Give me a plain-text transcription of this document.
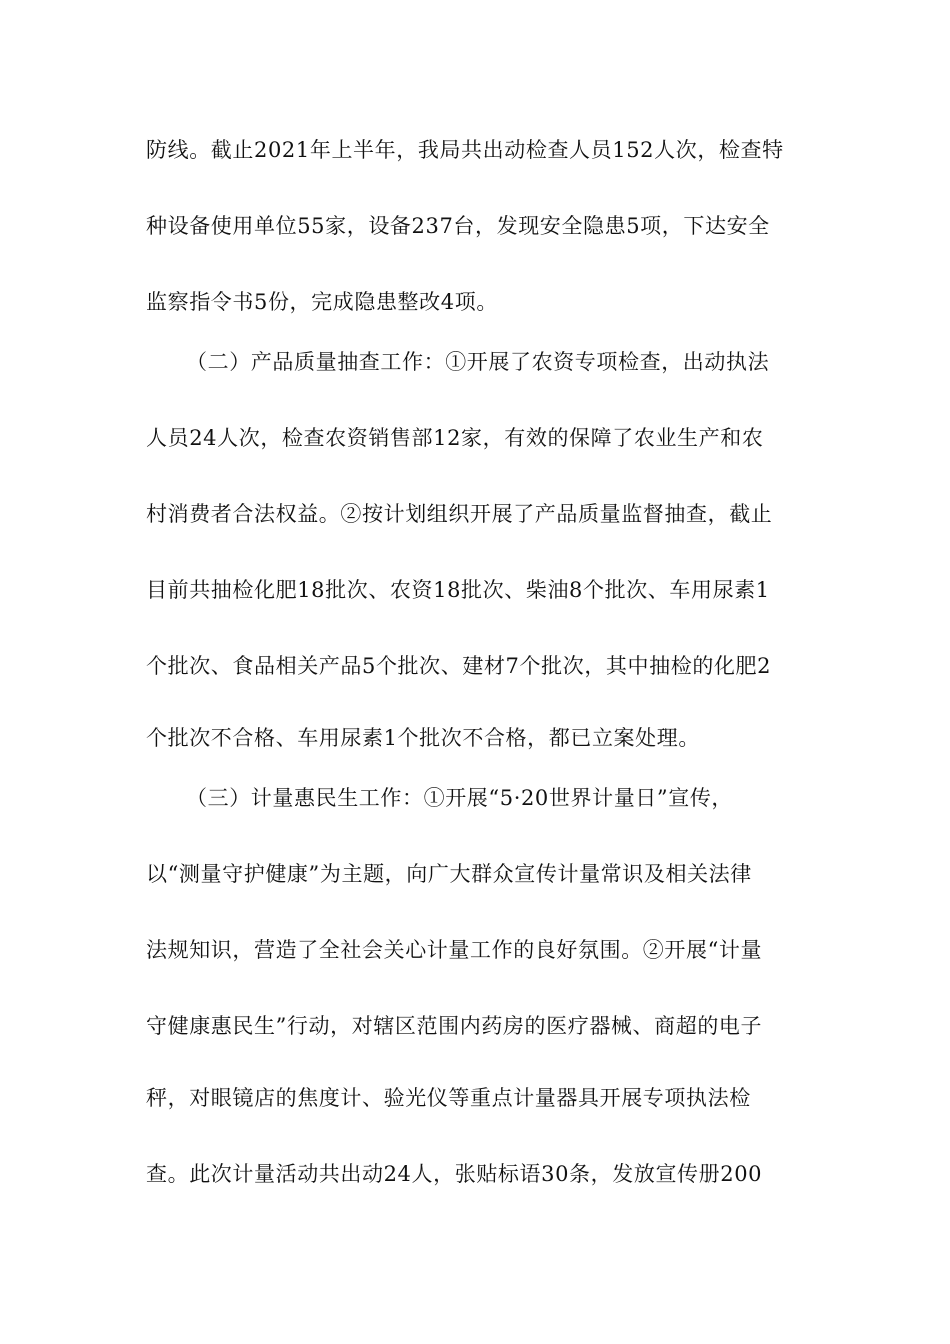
防线。截止2021年上半年，我局共出动检查人员152人次，检查特
种设备使用单位55家，设备237台，发现安全隐患5项，下达安全
监察指令书5份，完成隐患整改4项。
（二）产品质量抽查工作：①开展了农资专项检查，出动执法
人员24人次，检查农资销售部12家，有效的保障了农业生产和农
村消费者合法权益。②按计划组织开展了产品质量监督抽查，截止
目前共抽检化肥18批次、农资18批次、柴油8个批次、车用尿素1
个批次、食品相关产品5个批次、建材7个批次，其中抽检的化肥2
个批次不合格、车用尿素1个批次不合格，都已立案处理。
（三）计量惠民生工作：①开展“5·20世界计量日”宣传，
以“测量守护健康”为主题，向广大群众宣传计量常识及相关法律
法规知识，营造了全社会关心计量工作的良好氛围。②开展“计量
守健康惠民生”行动，对辖区范围内药房的医疗器械、商超的电子
秤，对眼镜店的焦度计、验光仪等重点计量器具开展专项执法检
查。此次计量活动共出动24人，张贴标语30条，发放宣传册200
